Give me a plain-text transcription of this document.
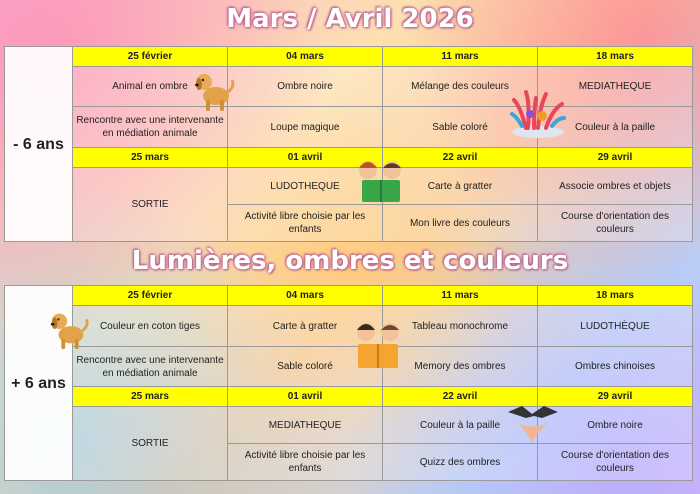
Mars / Avril 2026
Lumières, ombres et couleurs
- 6 ans	25 février	04 mars	11 mars	18 mars
	Animal en ombre	Ombre noire	Mélange des couleurs	MEDIATHEQUE
	Rencontre avec une intervenante en médiation animale	Loupe magique	Sable coloré	Couleur à la paille
	25 mars	01 avril	22 avril	29 avril
	SORTIE	LUDOTHEQUE	Carte à gratter	Associe ombres et objets
		Activité libre choisie par les enfants	Mon livre des couleurs	Course d'orientation des couleurs
+ 6 ans	25 février	04 mars	11 mars	18 mars
	Couleur en coton tiges	Carte à gratter	Tableau monochrome	LUDOTHÈQUE
	Rencontre avec une intervenante en médiation animale	Sable coloré	Memory des ombres	Ombres chinoises
	25 mars	01 avril	22 avril	29 avril
	SORTIE	MEDIATHEQUE	Couleur à la paille	Ombre noire
		Activité libre choisie par les enfants	Quizz des ombres	Course d'orientation des couleurs
